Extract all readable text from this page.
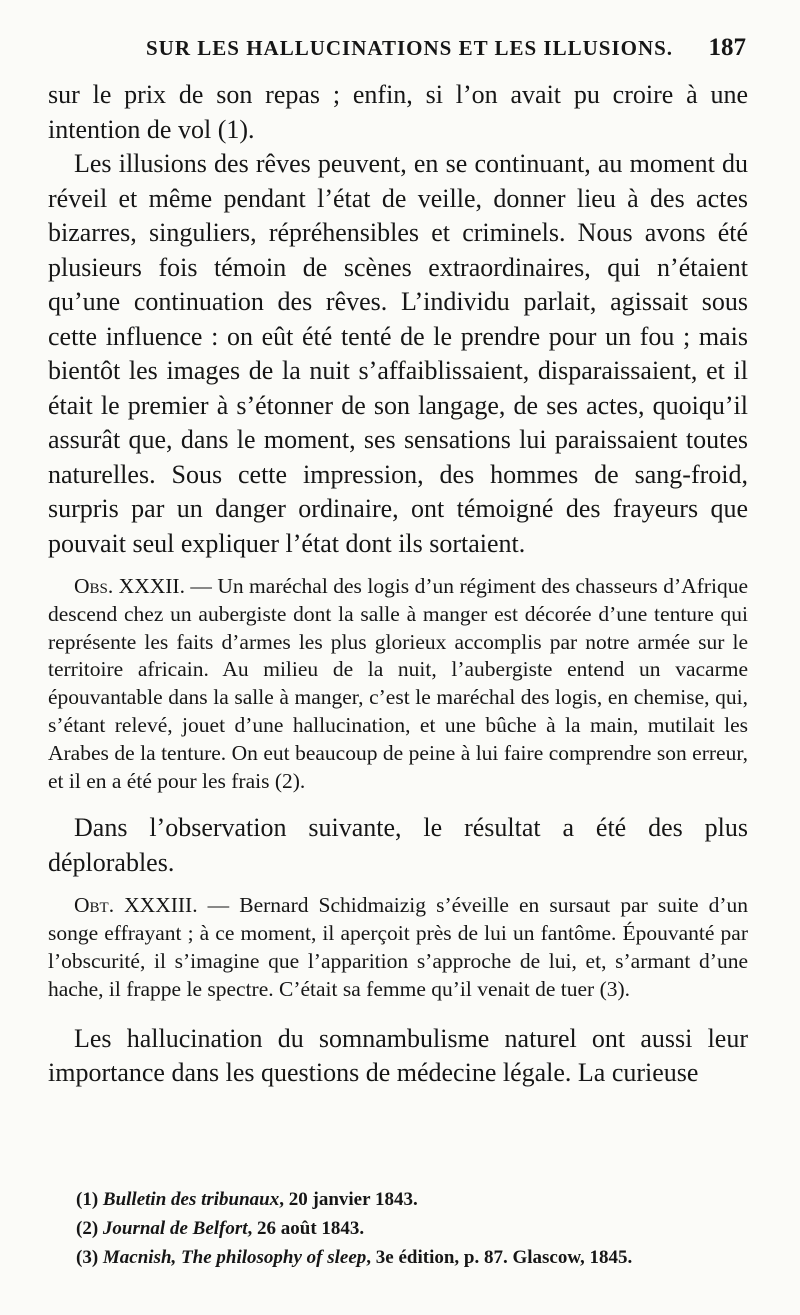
SUR LES HALLUCINATIONS ET LES ILLUSIONS. 187

sur le prix de son repas ; enfin, si l’on avait pu croire à une intention de vol (1).

Les illusions des rêves peuvent, en se continuant, au moment du réveil et même pendant l’état de veille, donner lieu à des actes bizarres, singuliers, répréhensibles et criminels. Nous avons été plusieurs fois témoin de scènes extraordinaires, qui n’étaient qu’une continuation des rêves. L’individu parlait, agissait sous cette influence : on eût été tenté de le prendre pour un fou ; mais bientôt les images de la nuit s’affaiblissaient, disparaissaient, et il était le premier à s’étonner de son langage, de ses actes, quoiqu’il assurât que, dans le moment, ses sensations lui paraissaient toutes naturelles. Sous cette impression, des hommes de sang-froid, surpris par un danger ordinaire, ont témoigné des frayeurs que pouvait seul expliquer l’état dont ils sortaient.

Obs. XXXII. — Un maréchal des logis d’un régiment des chasseurs d’Afrique descend chez un aubergiste dont la salle à manger est décorée d’une tenture qui représente les faits d’armes les plus glorieux accomplis par notre armée sur le territoire africain. Au milieu de la nuit, l’aubergiste entend un vacarme épouvantable dans la salle à manger, c’est le maréchal des logis, en chemise, qui, s’étant relevé, jouet d’une hallucination, et une bûche à la main, mutilait les Arabes de la tenture. On eut beaucoup de peine à lui faire comprendre son erreur, et il en a été pour les frais (2).

Dans l’observation suivante, le résultat a été des plus déplorables.

Obt. XXXIII. — Bernard Schidmaizig s’éveille en sursaut par suite d’un songe effrayant ; à ce moment, il aperçoit près de lui un fantôme. Épouvanté par l’obscurité, il s’imagine que l’apparition s’approche de lui, et, s’armant d’une hache, il frappe le spectre. C’était sa femme qu’il venait de tuer (3).

Les hallucination du somnambulisme naturel ont aussi leur importance dans les questions de médecine légale. La curieuse

(1) Bulletin des tribunaux, 20 janvier 1843.
(2) Journal de Belfort, 26 août 1843.
(3) Macnish, The philosophy of sleep, 3e édition, p. 87. Glascow, 1845.
